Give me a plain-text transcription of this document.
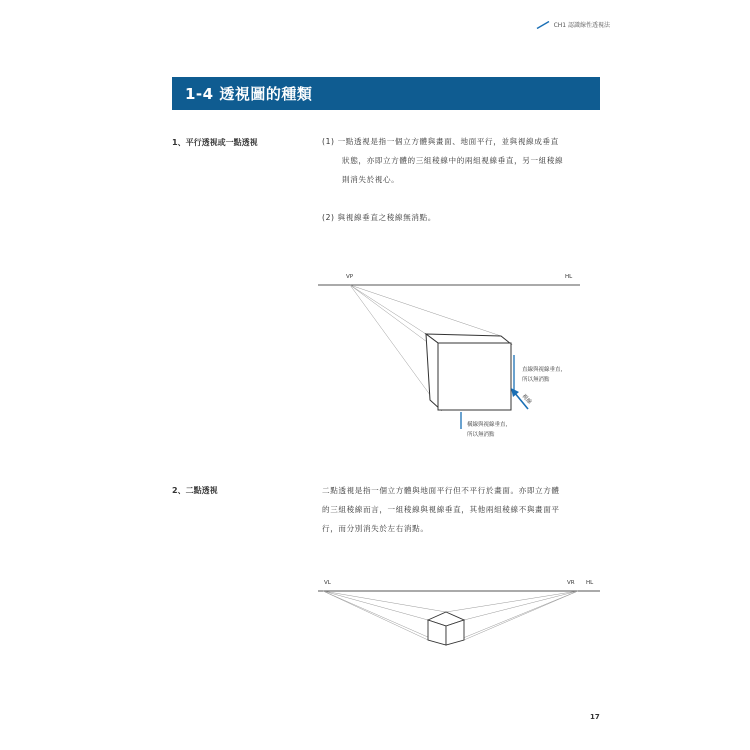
CH1 認識線性透視法
1-4 透視圖的種類
1、平行透視或一點透視	(1) 一點透視是指一個立方體與畫面、地面平行，並與視線成垂直
狀態，亦即立方體的三組稜線中的兩組視線垂直，另一組稜線
則消失於視心。
(2) 與視線垂直之稜線無消點。
VP	HL
直線與視線垂直，
所以無消點
視線
橫線與視線垂直，
所以無消點
2、二點透視	二點透視是指一個立方體與地面平行但不平行於畫面。亦即立方體
的三組稜線而言，一組稜線與視線垂直，其他兩組稜線不與畫面平
行，而分別消失於左右消點。
VL	VR HL
17
